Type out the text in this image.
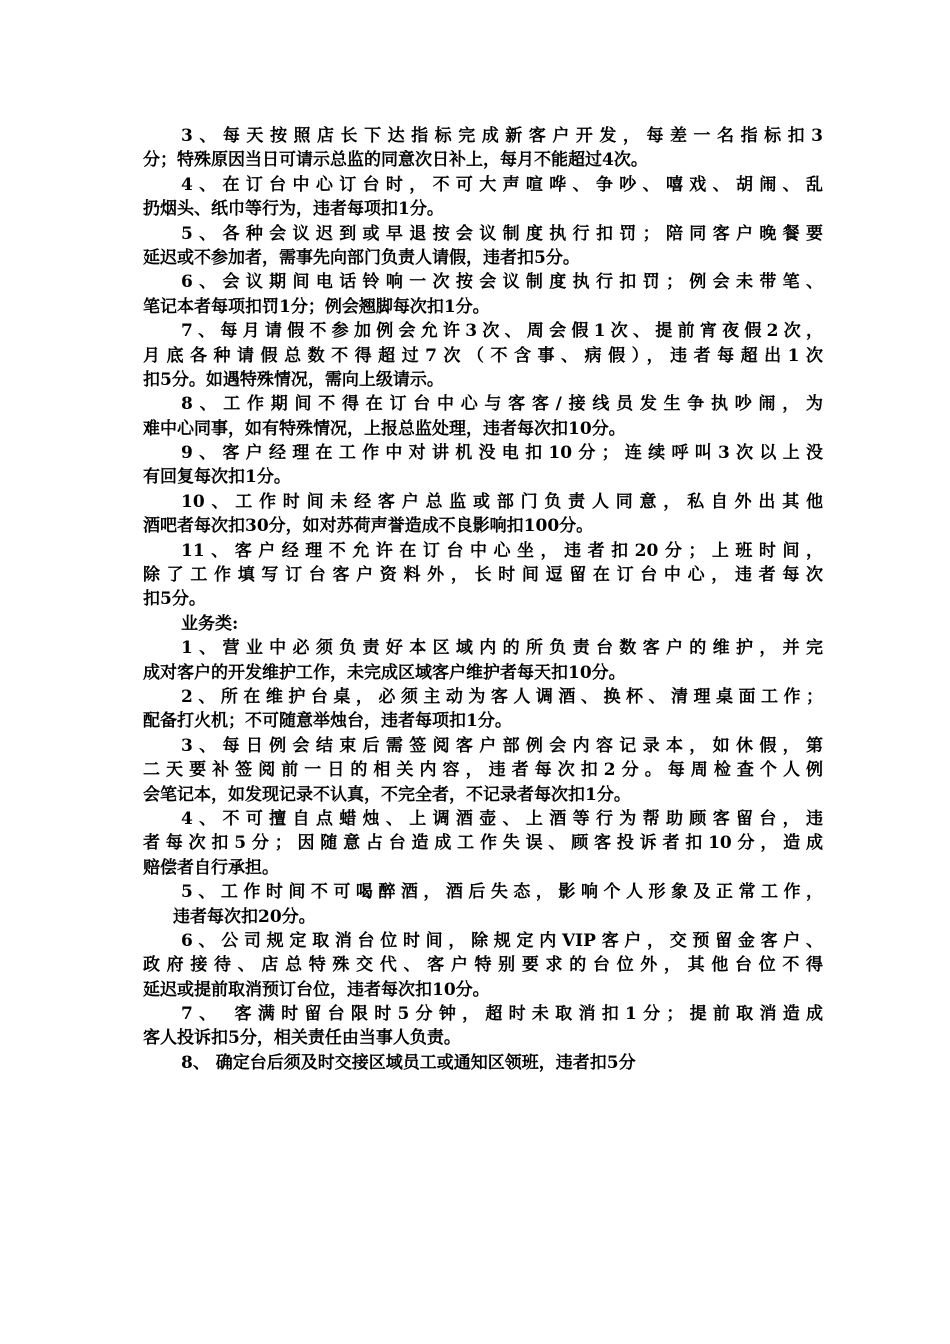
3、每天按照店长下达指标完成新客户开发，每差一名指标扣3
分；特殊原因当日可请示总监的同意次日补上，每月不能超过4次。
4、在订台中心订台时，不可大声喧哗、争吵、嘻戏、胡闹、乱
扔烟头、纸巾等行为，违者每项扣1分。
5、各种会议迟到或早退按会议制度执行扣罚；陪同客户晚餐要
延迟或不参加者，需事先向部门负责人请假，违者扣5分。
6、会议期间电话铃响一次按会议制度执行扣罚；例会未带笔、
笔记本者每项扣罚1分；例会翘脚每次扣1分。
7、每月请假不参加例会允许3次、周会假1次、提前宵夜假2次，
月底各种请假总数不得超过7次（不含事、病假），违者每超出1次
扣5分。如遇特殊情况，需向上级请示。
8、工作期间不得在订台中心与客客/接线员发生争执吵闹，为
难中心同事，如有特殊情况，上报总监处理，违者每次扣10分。
9、客户经理在工作中对讲机没电扣10分；连续呼叫3次以上没
有回复每次扣1分。
10、工作时间未经客户总监或部门负责人同意，私自外出其他
酒吧者每次扣30分，如对苏荷声誉造成不良影响扣100分。
11、客户经理不允许在订台中心坐，违者扣20分；上班时间，
除了工作填写订台客户资料外，长时间逗留在订台中心，违者每次
扣5分。
业务类:
1、营业中必须负责好本区域内的所负责台数客户的维护，并完
成对客户的开发维护工作，未完成区域客户维护者每天扣10分。
2、所在维护台桌，必须主动为客人调酒、换杯、清理桌面工作；
配备打火机；不可随意举烛台，违者每项扣1分。
3、每日例会结束后需签阅客户部例会内容记录本，如休假，第
二天要补签阅前一日的相关内容，违者每次扣2分。每周检查个人例
会笔记本，如发现记录不认真，不完全者，不记录者每次扣1分。
4、不可擅自点蜡烛、上调酒壶、上酒等行为帮助顾客留台，违
者每次扣5分；因随意占台造成工作失误、顾客投诉者扣10分，造成
赔偿者自行承担。
5、工作时间不可喝醉酒，酒后失态，影响个人形象及正常工作，
违者每次扣20分。
6、公司规定取消台位时间，除规定内VIP客户，交预留金客户、
政府接待、店总特殊交代、客户特别要求的台位外，其他台位不得
延迟或提前取消预订台位，违者每次扣10分。
7、 客满时留台限时5分钟，超时未取消扣1分；提前取消造成
客人投诉扣5分，相关责任由当事人负责。
8、 确定台后须及时交接区域员工或通知区领班，违者扣5分
